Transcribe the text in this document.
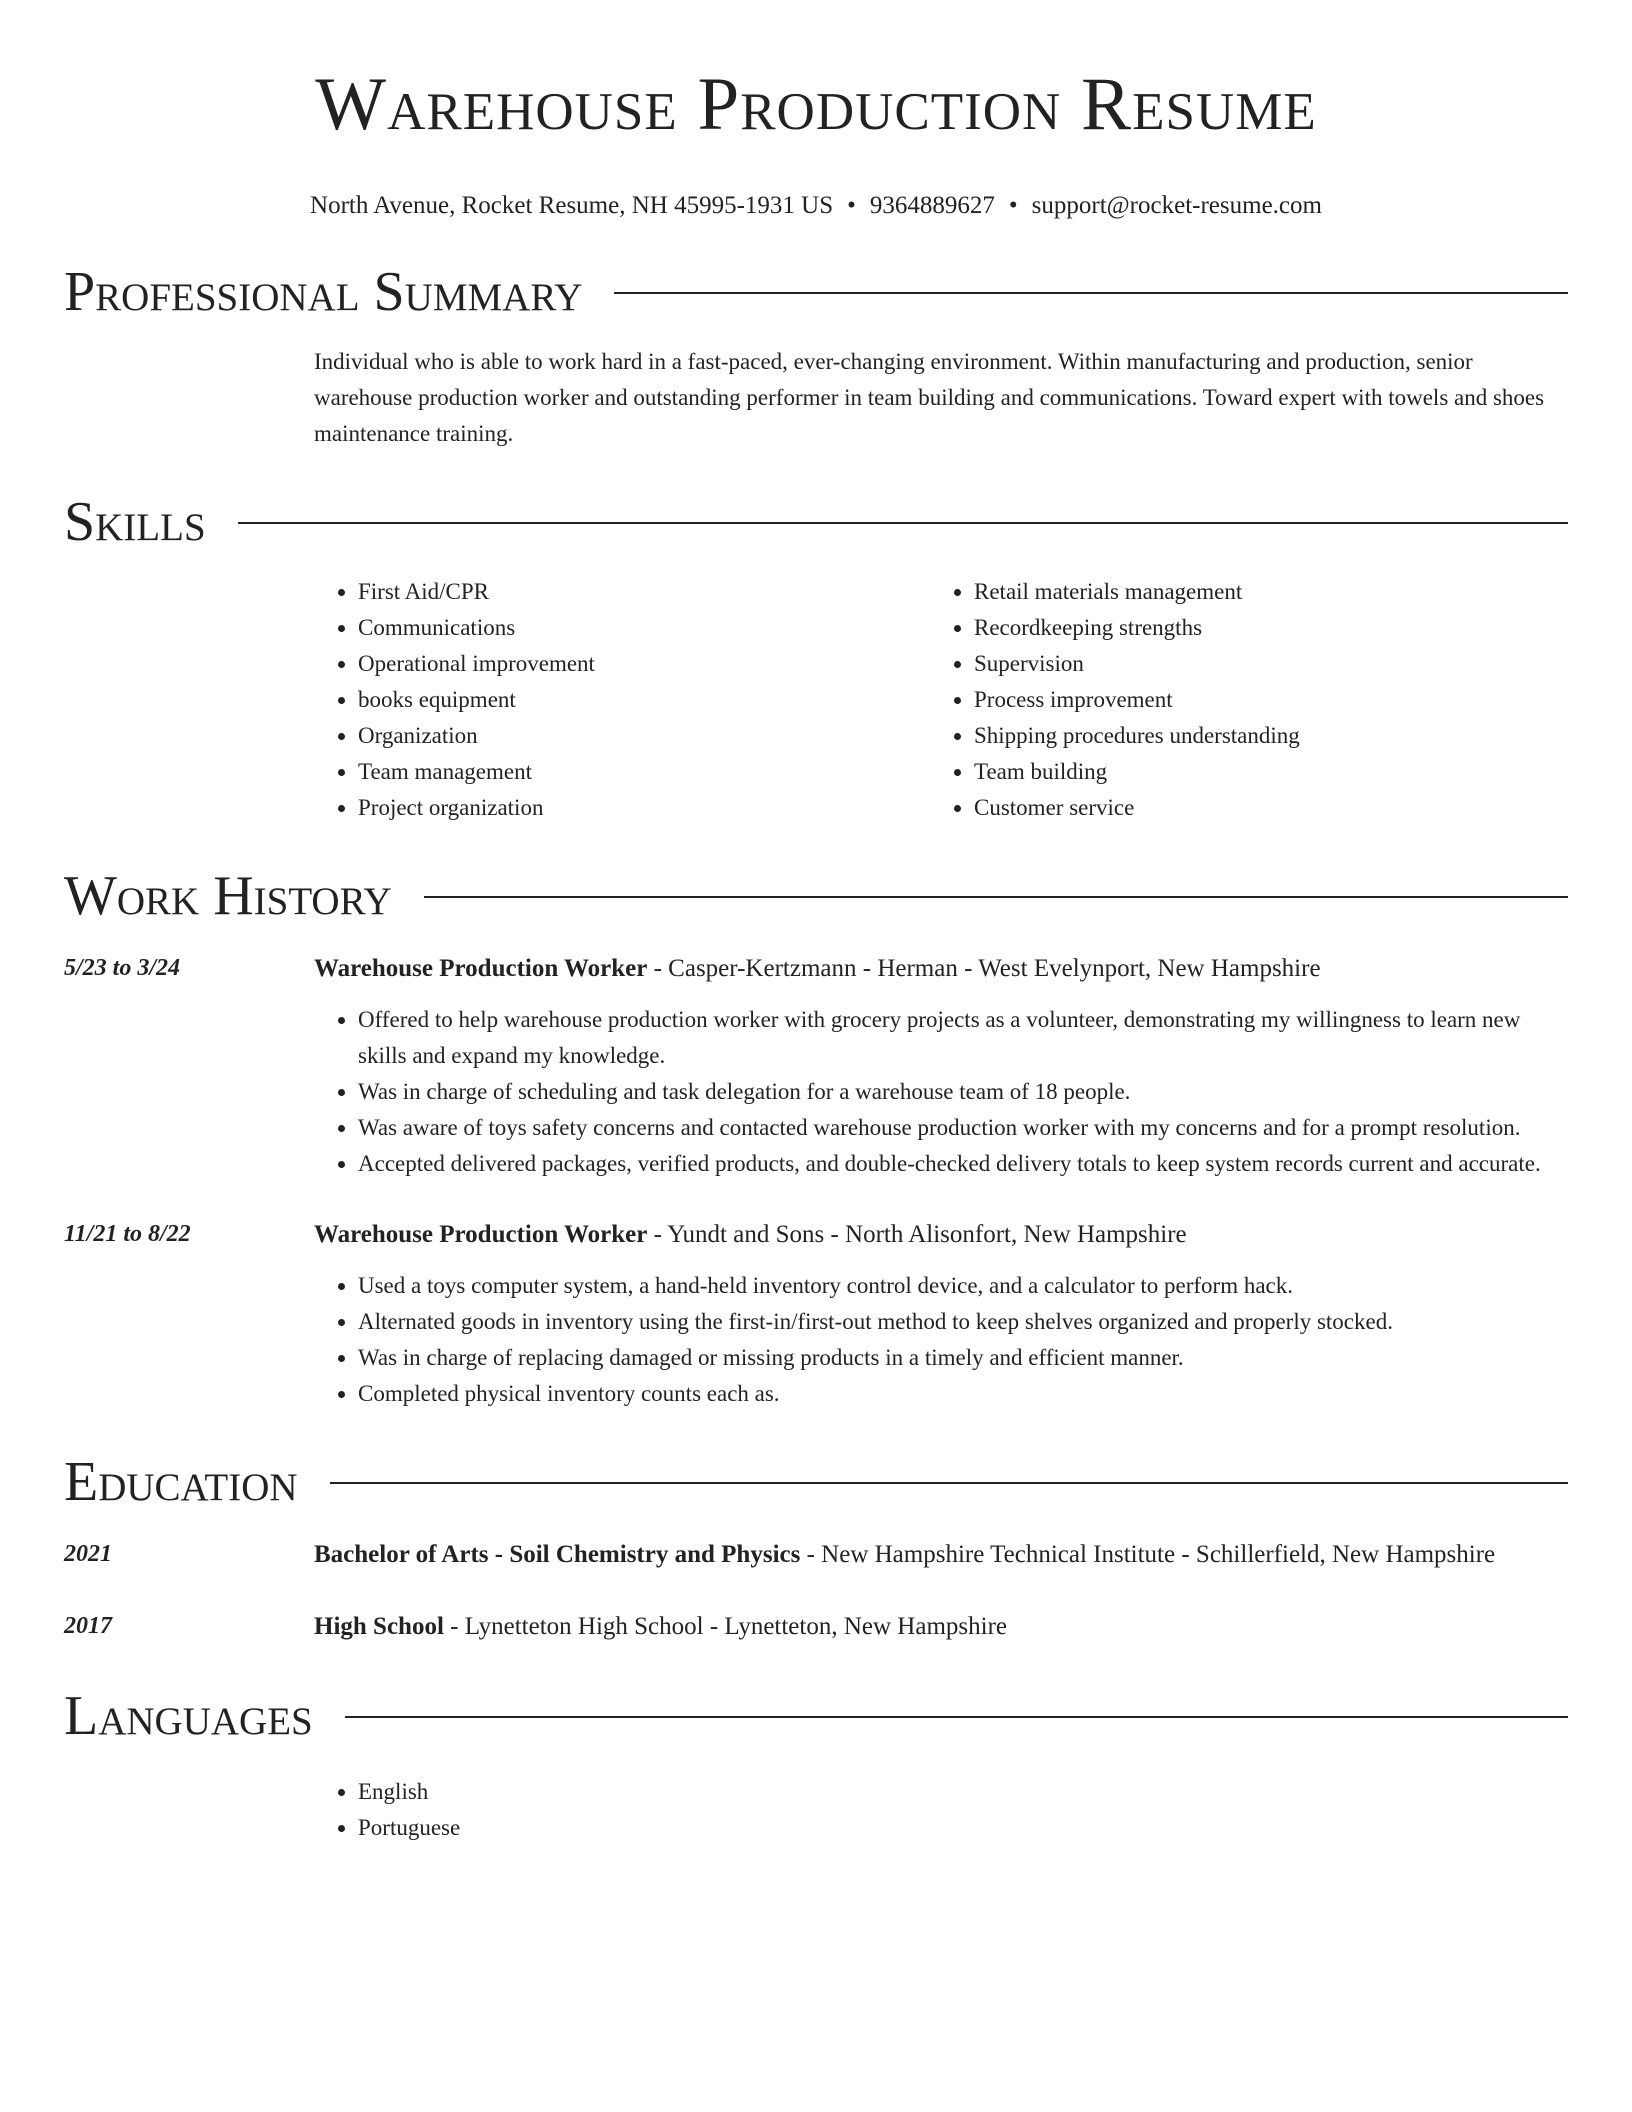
Warehouse Production Resume
North Avenue, Rocket Resume, NH 45995-1931 US • 9364889627 • support@rocket-resume.com
Professional Summary
Individual who is able to work hard in a fast-paced, ever-changing environment. Within manufacturing and production, senior warehouse production worker and outstanding performer in team building and communications. Toward expert with towels and shoes maintenance training.
Skills
• First Aid/CPR
• Communications
• Operational improvement
• books equipment
• Organization
• Team management
• Project organization
• Retail materials management
• Recordkeeping strengths
• Supervision
• Process improvement
• Shipping procedures understanding
• Team building
• Customer service
Work History
5/23 to 3/24	Warehouse Production Worker - Casper-Kertzmann - Herman - West Evelynport, New Hampshire
• Offered to help warehouse production worker with grocery projects as a volunteer, demonstrating my willingness to learn new skills and expand my knowledge.
• Was in charge of scheduling and task delegation for a warehouse team of 18 people.
• Was aware of toys safety concerns and contacted warehouse production worker with my concerns and for a prompt resolution.
• Accepted delivered packages, verified products, and double-checked delivery totals to keep system records current and accurate.
11/21 to 8/22	Warehouse Production Worker - Yundt and Sons - North Alisonfort, New Hampshire
• Used a toys computer system, a hand-held inventory control device, and a calculator to perform hack.
• Alternated goods in inventory using the first-in/first-out method to keep shelves organized and properly stocked.
• Was in charge of replacing damaged or missing products in a timely and efficient manner.
• Completed physical inventory counts each as.
Education
2021	Bachelor of Arts - Soil Chemistry and Physics - New Hampshire Technical Institute - Schillerfield, New Hampshire
2017	High School - Lynetteton High School - Lynetteton, New Hampshire
Languages
• English
• Portuguese
